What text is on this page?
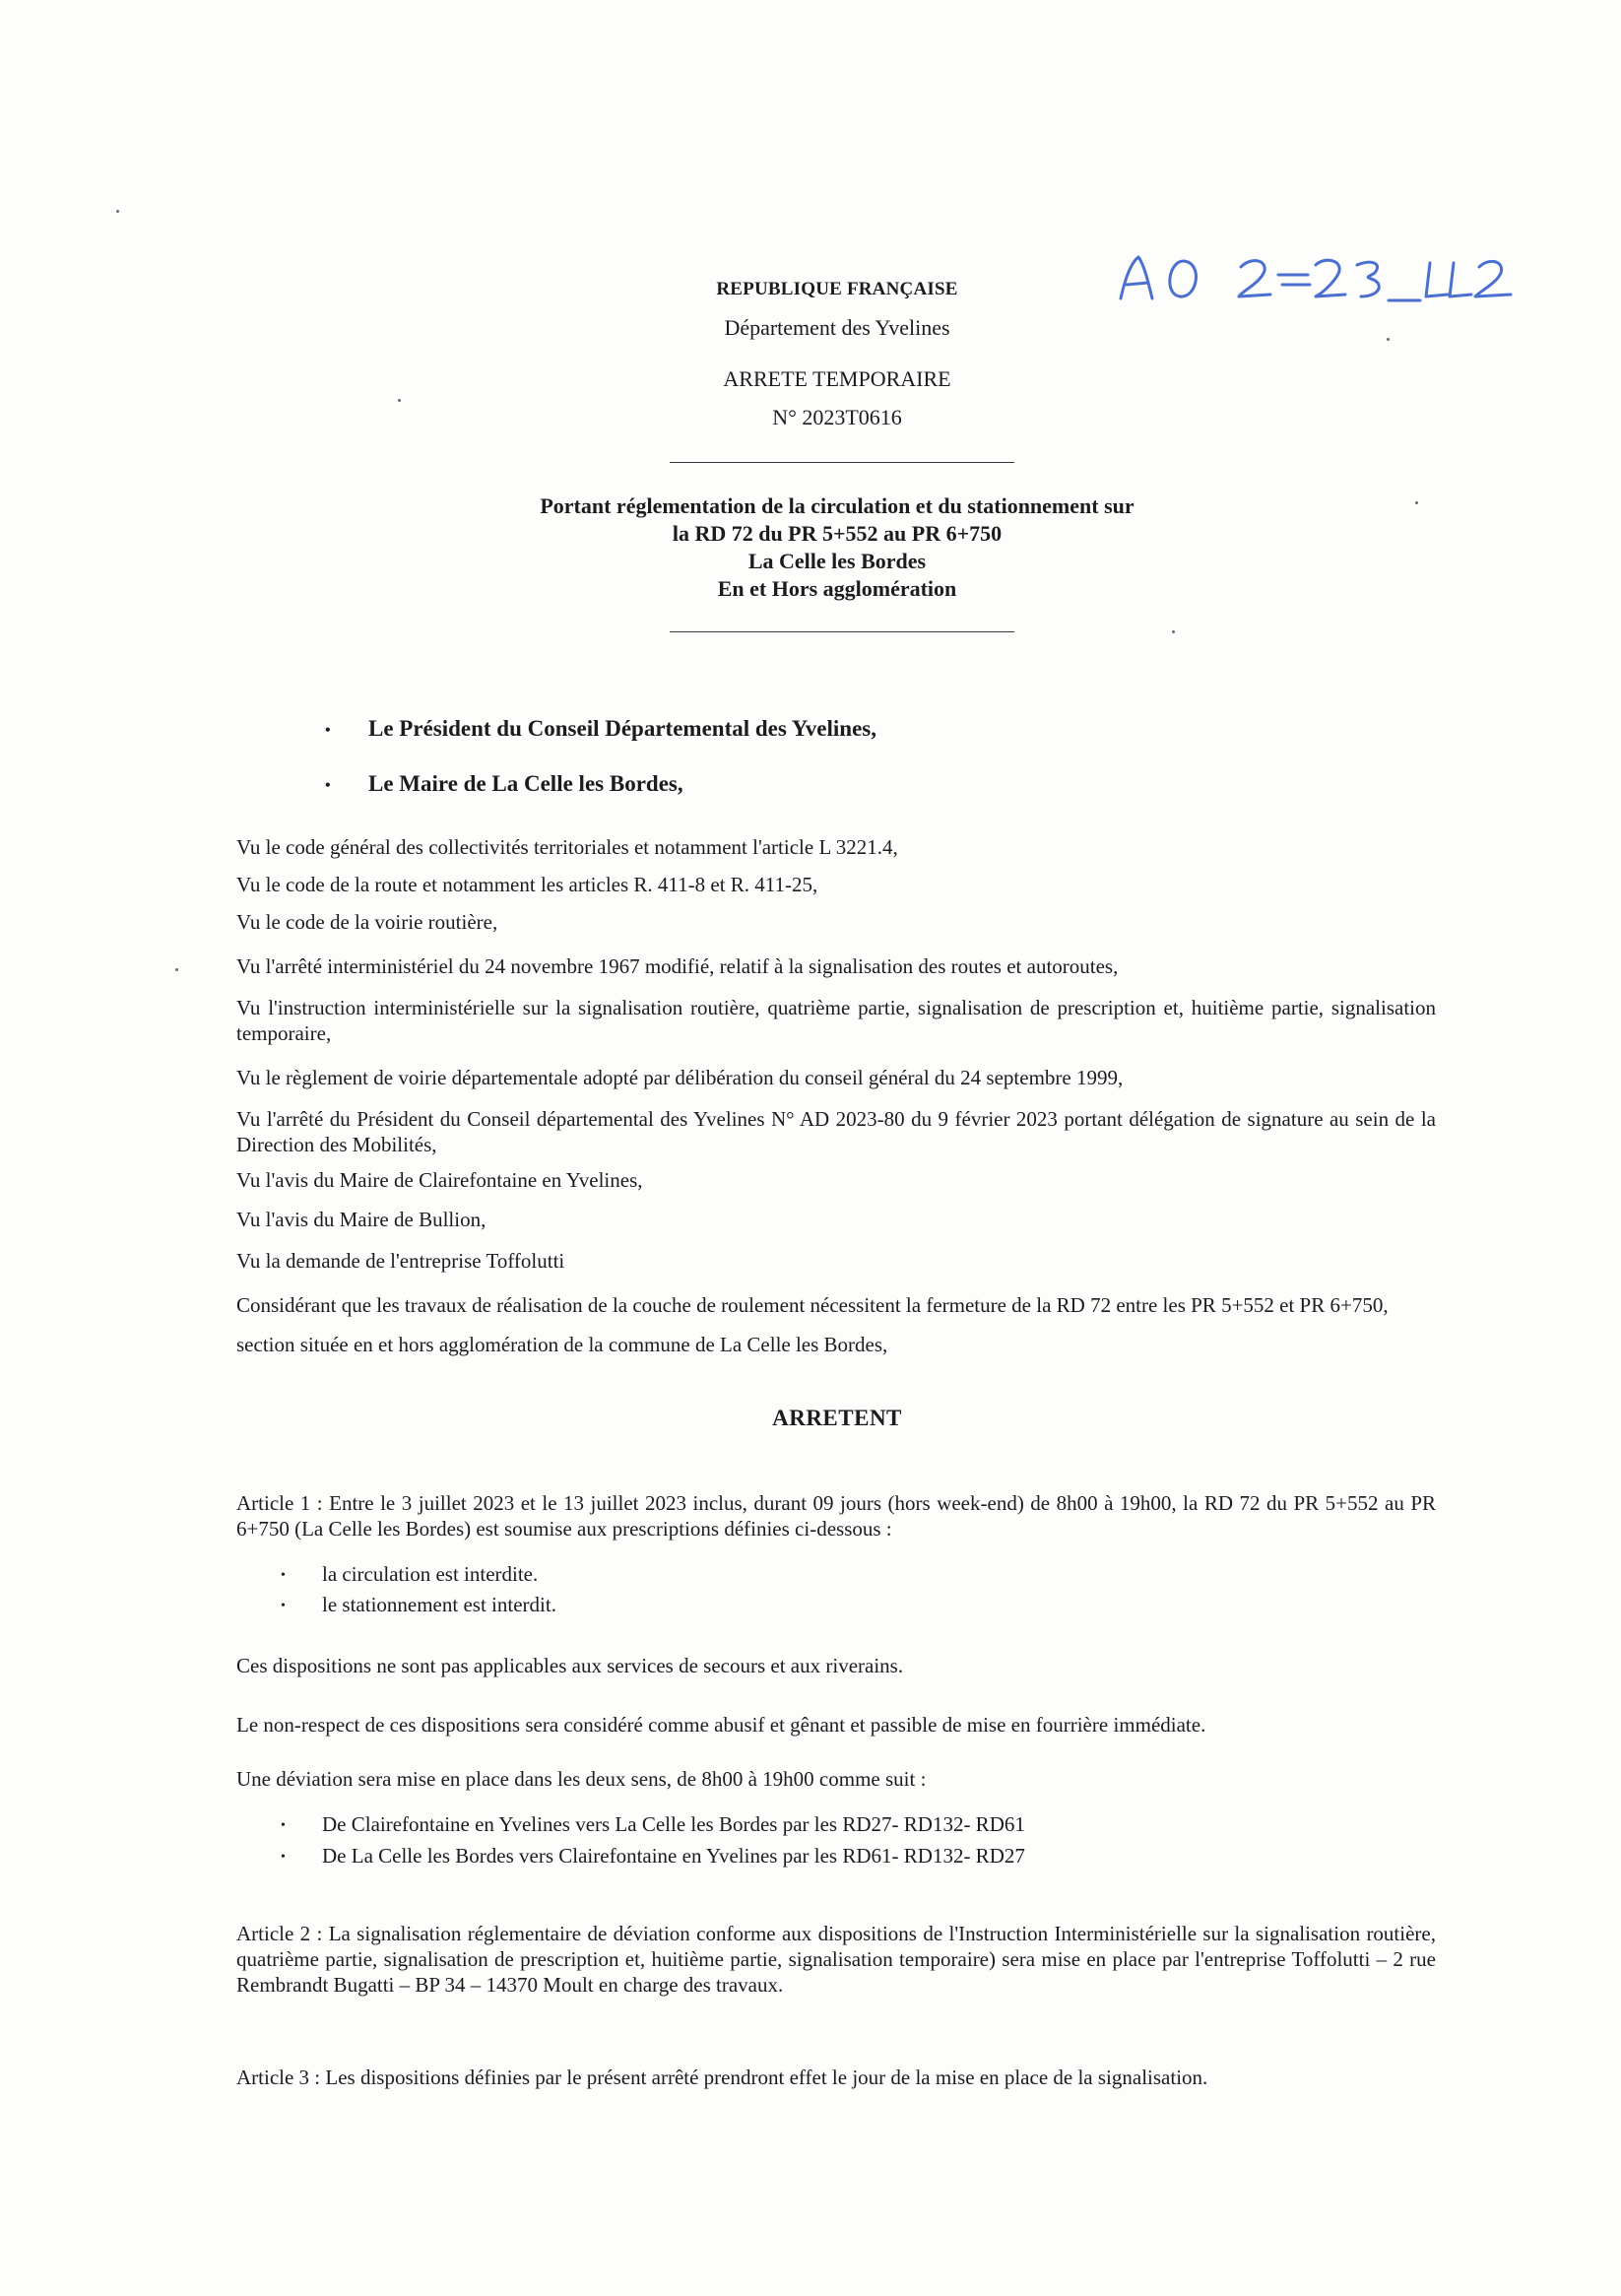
REPUBLIQUE FRANÇAISE
Département des Yvelines
ARRETE TEMPORAIRE
N° 2023T0616
Portant réglementation de la circulation et du stationnement sur
la RD 72 du PR 5+552 au PR 6+750
La Celle les Bordes
En et Hors agglomération
• Le Président du Conseil Départemental des Yvelines,
• Le Maire de La Celle les Bordes,
Vu le code général des collectivités territoriales et notamment l'article L 3221.4,
Vu le code de la route et notamment les articles R. 411-8 et R. 411-25,
Vu le code de la voirie routière,
Vu l'arrêté interministériel du 24 novembre 1967 modifié, relatif à la signalisation des routes et autoroutes,
Vu l'instruction interministérielle sur la signalisation routière, quatrième partie, signalisation de prescription et, huitième partie, signalisation temporaire,
Vu le règlement de voirie départementale adopté par délibération du conseil général du 24 septembre 1999,
Vu l'arrêté du Président du Conseil départemental des Yvelines N° AD 2023-80 du 9 février 2023 portant délégation de signature au sein de la Direction des Mobilités,
Vu l'avis du Maire de Clairefontaine en Yvelines,
Vu l'avis du Maire de Bullion,
Vu la demande de l'entreprise Toffolutti
Considérant que les travaux de réalisation de la couche de roulement nécessitent la fermeture de la RD 72 entre les PR 5+552 et PR 6+750, section située en et hors agglomération de la commune de La Celle les Bordes,
ARRETENT
Article 1 : Entre le 3 juillet 2023 et le 13 juillet 2023 inclus, durant 09 jours (hors week-end) de 8h00 à 19h00, la RD 72 du PR 5+552 au PR 6+750 (La Celle les Bordes) est soumise aux prescriptions définies ci-dessous :
• la circulation est interdite.
• le stationnement est interdit.
Ces dispositions ne sont pas applicables aux services de secours et aux riverains.
Le non-respect de ces dispositions sera considéré comme abusif et gênant et passible de mise en fourrière immédiate.
Une déviation sera mise en place dans les deux sens, de 8h00 à 19h00 comme suit :
• De Clairefontaine en Yvelines vers La Celle les Bordes par les RD27- RD132- RD61
• De La Celle les Bordes vers Clairefontaine en Yvelines par les RD61- RD132- RD27
Article 2 : La signalisation réglementaire de déviation conforme aux dispositions de l'Instruction Interministérielle sur la signalisation routière, quatrième partie, signalisation de prescription et, huitième partie, signalisation temporaire) sera mise en place par l'entreprise Toffolutti – 2 rue Rembrandt Bugatti – BP 34 – 14370 Moult en charge des travaux.
Article 3 : Les dispositions définies par le présent arrêté prendront effet le jour de la mise en place de la signalisation.
